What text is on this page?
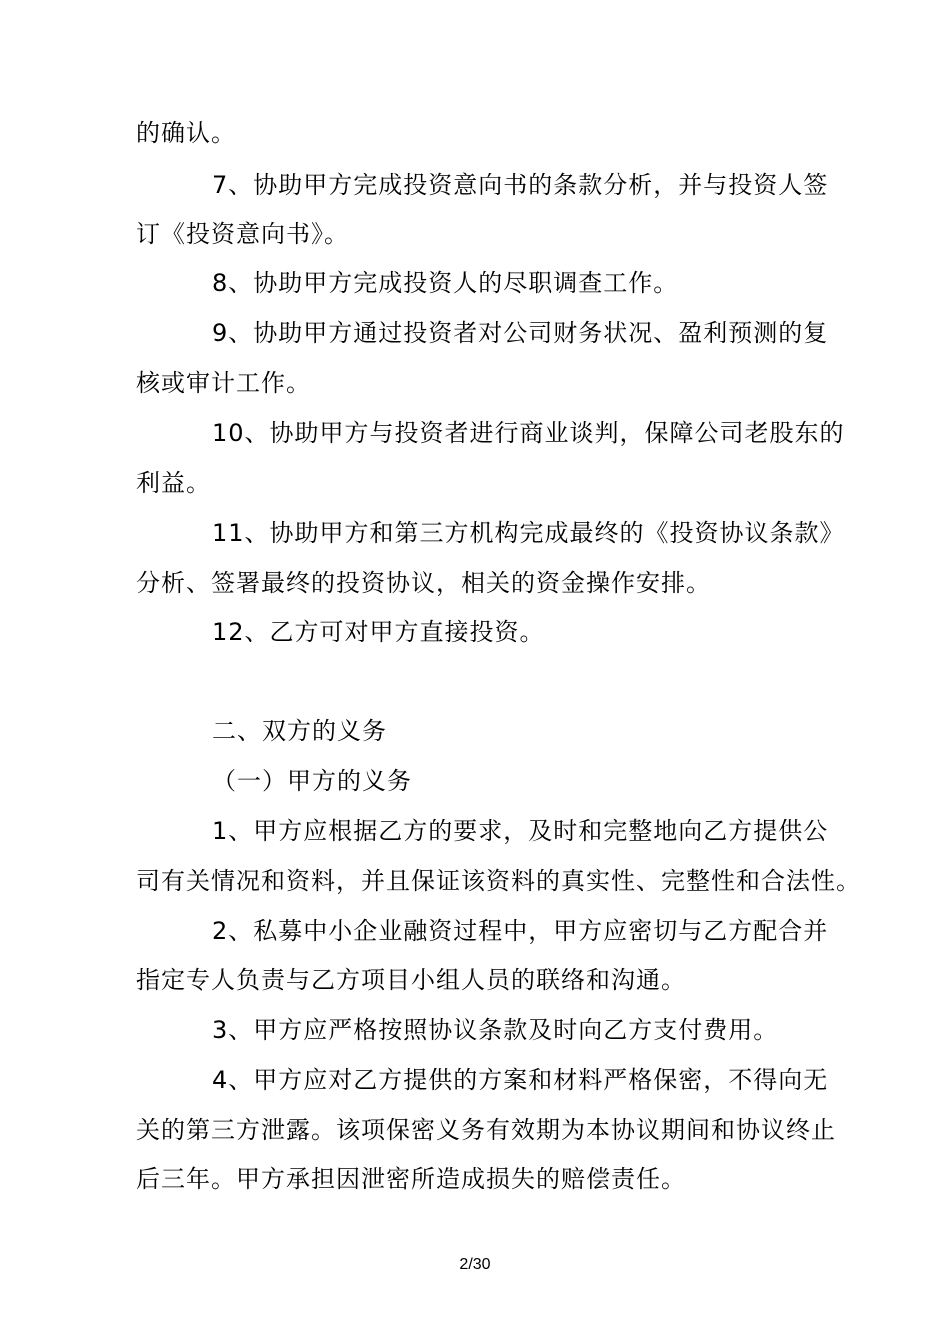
的确认。
7、协助甲方完成投资意向书的条款分析，并与投资人签
订《投资意向书》。
8、协助甲方完成投资人的尽职调查工作。
9、协助甲方通过投资者对公司财务状况、盈利预测的复
核或审计工作。
10、协助甲方与投资者进行商业谈判，保障公司老股东的
利益。
11、协助甲方和第三方机构完成最终的《投资协议条款》
分析、签署最终的投资协议，相关的资金操作安排。
12、乙方可对甲方直接投资。
二、双方的义务
（一）甲方的义务
1、甲方应根据乙方的要求，及时和完整地向乙方提供公
司有关情况和资料，并且保证该资料的真实性、完整性和合法性。
2、私募中小企业融资过程中，甲方应密切与乙方配合并
指定专人负责与乙方项目小组人员的联络和沟通。
3、甲方应严格按照协议条款及时向乙方支付费用。
4、甲方应对乙方提供的方案和材料严格保密，不得向无
关的第三方泄露。该项保密义务有效期为本协议期间和协议终止
后三年。甲方承担因泄密所造成损失的赔偿责任。
2/30
